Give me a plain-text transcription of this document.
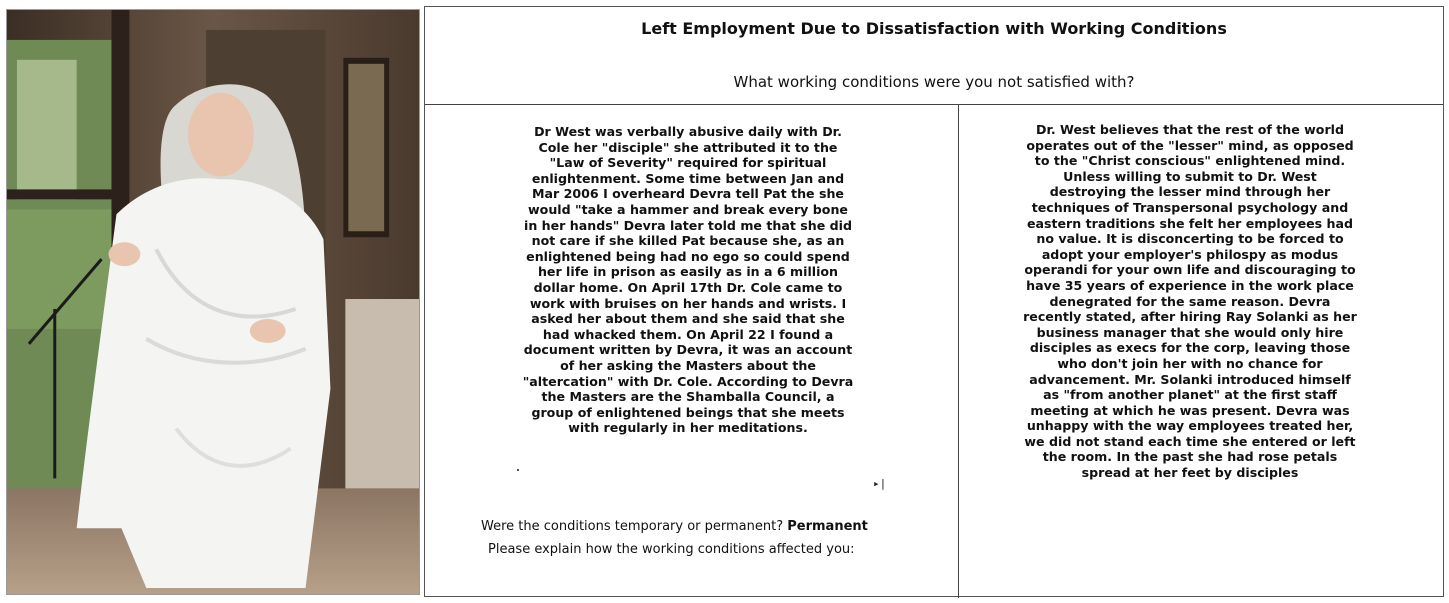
Left Employment Due to Dissatisfaction with Working Conditions
What working conditions were you not satisfied with?
Dr West was verbally abusive daily with Dr.
Cole her "disciple" she attributed it to the
"Law of Severity" required for spiritual
enlightenment. Some time between Jan and
Mar 2006 I overheard Devra tell Pat the she
would "take a hammer and break every bone
in her hands" Devra later told me that she did
not care if she killed Pat because she, as an
enlightened being had no ego so could spend
her life in prison as easily as in a 6 million
dollar home. On April 17th Dr. Cole came to
work with bruises on her hands and wrists. I
asked her about them and she said that she
had whacked them. On April 22 I found a
document written by Devra, it was an account
of her asking the Masters about the
"altercation" with Dr. Cole. According to Devra
the Masters are the Shamballa Council, a
group of enlightened beings that she meets
with regularly in her meditations.
▸|
Were the conditions temporary or permanent? Permanent
Please explain how the working conditions affected you:
Dr. West believes that the rest of the world
operates out of the "lesser" mind, as opposed
to the "Christ conscious" enlightened mind.
Unless willing to submit to Dr. West
destroying the lesser mind through her
techniques of Transpersonal psychology and
eastern traditions she felt her employees had
no value. It is disconcerting to be forced to
adopt your employer's philospy as modus
operandi for your own life and discouraging to
have 35 years of experience in the work place
denegrated for the same reason. Devra
recently stated, after hiring Ray Solanki as her
business manager that she would only hire
disciples as execs for the corp, leaving those
who don't join her with no chance for
advancement. Mr. Solanki introduced himself
as "from another planet" at the first staff
meeting at which he was present. Devra was
unhappy with the way employees treated her,
we did not stand each time she entered or left
the room. In the past she had rose petals
spread at her feet by disciples
